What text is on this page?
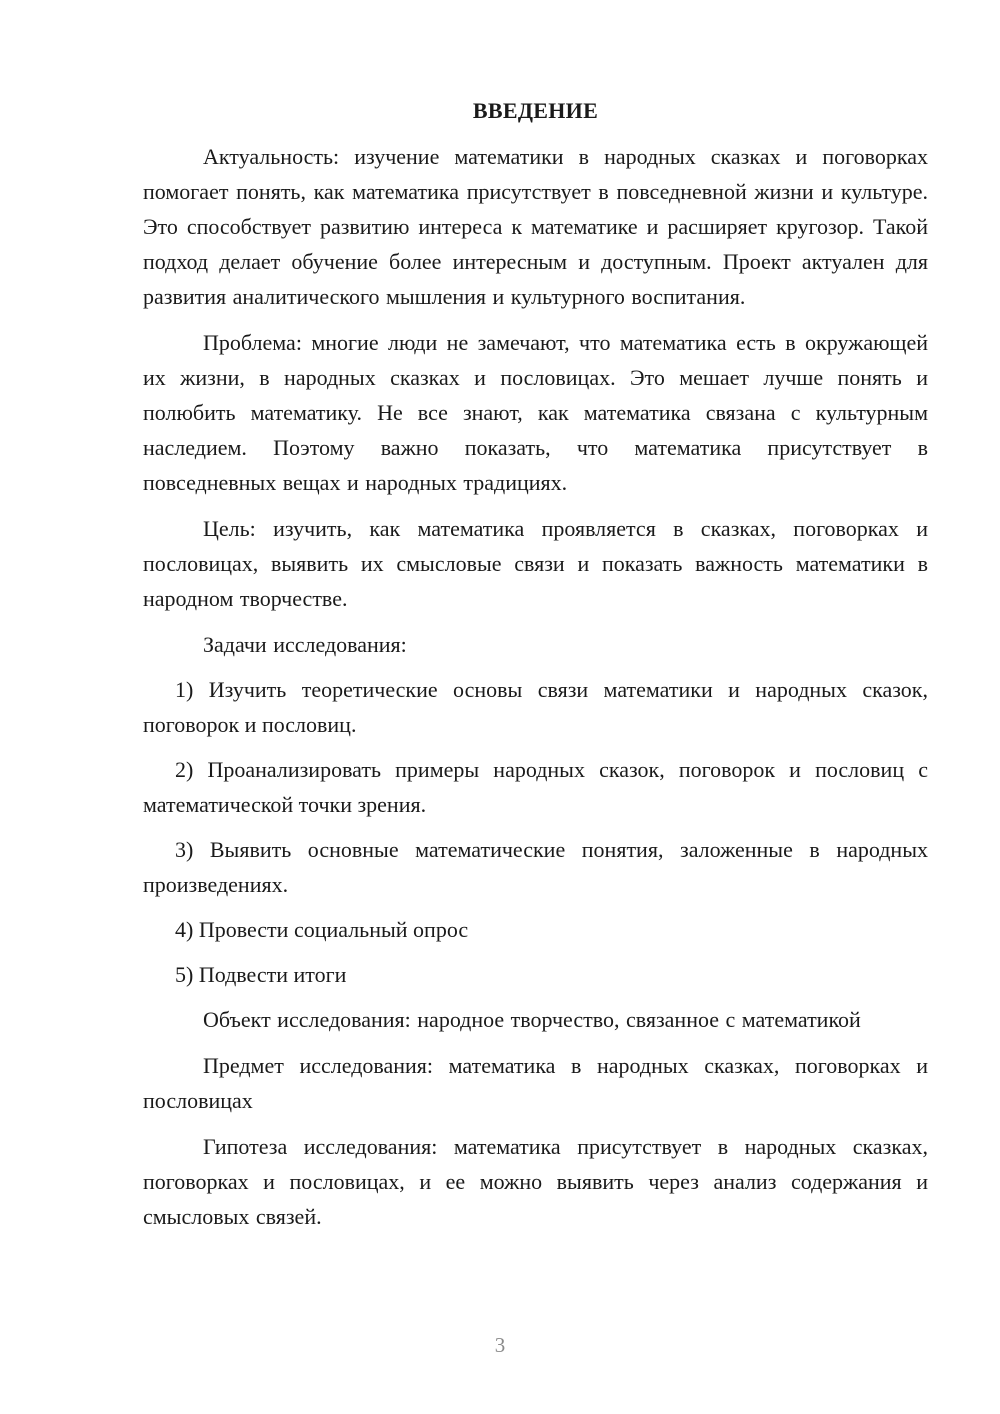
ВВЕДЕНИЕ

Актуальность: изучение математики в народных сказках и поговорках помогает понять, как математика присутствует в повседневной жизни и культуре. Это способствует развитию интереса к математике и расширяет кругозор. Такой подход делает обучение более интересным и доступным. Проект актуален для развития аналитического мышления и культурного воспитания.

Проблема: многие люди не замечают, что математика есть в окружающей их жизни, в народных сказках и пословицах. Это мешает лучше понять и полюбить математику. Не все знают, как математика связана с культурным наследием. Поэтому важно показать, что математика присутствует в повседневных вещах и народных традициях.

Цель: изучить, как математика проявляется в сказках, поговорках и пословицах, выявить их смысловые связи и показать важность математики в народном творчестве.

Задачи исследования:

1) Изучить теоретические основы связи математики и народных сказок, поговорок и пословиц.

2) Проанализировать примеры народных сказок, поговорок и пословиц с математической точки зрения.

3) Выявить основные математические понятия, заложенные в народных произведениях.

4) Провести социальный опрос

5) Подвести итоги

Объект исследования: народное творчество, связанное с математикой

Предмет исследования: математика в народных сказках, поговорках и пословицах

Гипотеза исследования: математика присутствует в народных сказках, поговорках и пословицах, и ее можно выявить через анализ содержания и смысловых связей.

3
